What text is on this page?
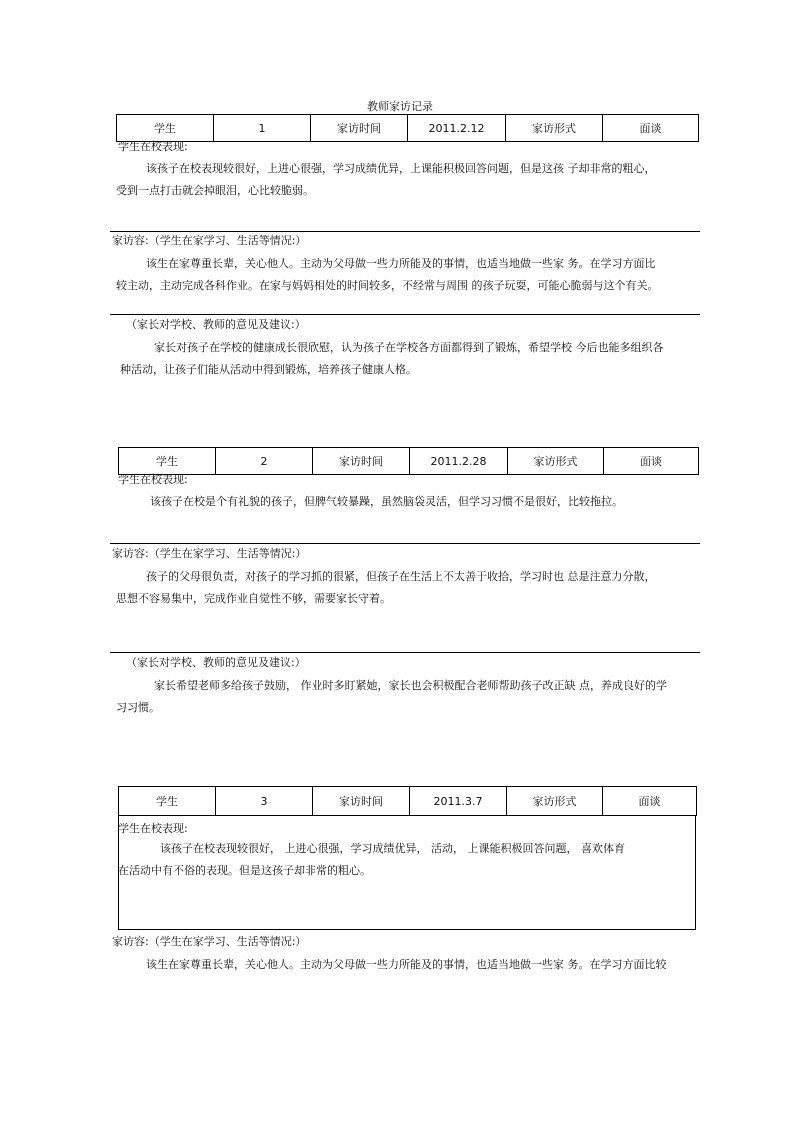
教师家访记录
学生	1	家访时间	2011.2.12	家访形式	面谈
学生在校表现:
该孩子在校表现较很好，上进心很强，学习成绩优异，上课能积极回答问题，但是这孩 子却非常的粗心，
受到一点打击就会掉眼泪，心比较脆弱。
家访容:（学生在家学习、生活等情况:）
该生在家尊重长辈，关心他人。主动为父母做一些力所能及的事情，也适当地做一些家 务。在学习方面比
较主动，主动完成各科作业。在家与妈妈相处的时间较多，不经常与周围 的孩子玩耍，可能心脆弱与这个有关。
（家长对学校、教师的意见及建议:）
家长对孩子在学校的健康成长很欣慰，认为孩子在学校各方面都得到了锻炼，希望学校 今后也能多组织各
种活动，让孩子们能从活动中得到锻炼，培养孩子健康人格。
学生	2	家访时间	2011.2.28	家访形式	面谈
学生在校表现:
该孩子在校是个有礼貌的孩子，但脾气较暴躁，虽然脑袋灵活，但学习习惯不是很好，比较拖拉。
家访容:（学生在家学习、生活等情况:）
孩子的父母很负责，对孩子的学习抓的很紧，但孩子在生活上不太善于收拾，学习时也 总是注意力分散，
思想不容易集中，完成作业自觉性不够，需要家长守着。
（家长对学校、教师的意见及建议:）
家长希望老师多给孩子鼓励， 作业时多盯紧她，家长也会积极配合老师帮助孩子改正缺 点，养成良好的学
习习惯。
学生	3	家访时间	2011.3.7	家访形式	面谈
学生在校表现:
该孩子在校表现较很好， 上进心很强，学习成绩优异， 活动， 上课能积极回答问题， 喜欢体育
在活动中有不俗的表现。但是这孩子却非常的粗心。
家访容:（学生在家学习、生活等情况:）
该生在家尊重长辈，关心他人。主动为父母做一些力所能及的事情，也适当地做一些家 务。在学习方面比较
